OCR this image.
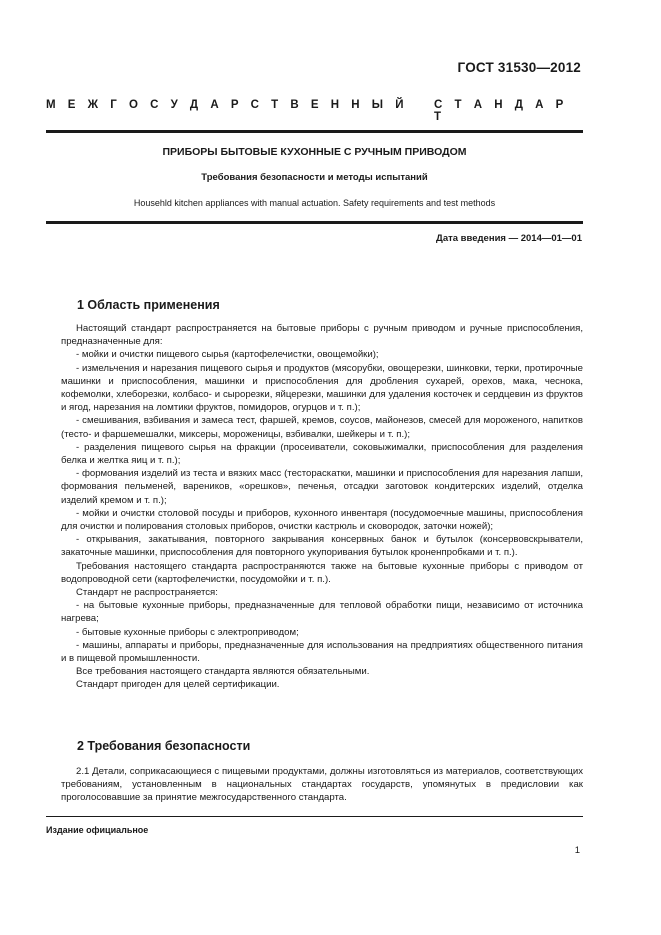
ГОСТ 31530—2012
М Е Ж Г О С У Д А Р С Т В Е Н Н Ы Й	С Т А Н Д А Р Т
ПРИБОРЫ БЫТОВЫЕ КУХОННЫЕ С РУЧНЫМ ПРИВОДОМ
Требования безопасности и методы испытаний
Househld kitchen appliances with manual actuation. Safety requirements and test methods
Дата введения — 2014—01—01
1 Область применения

Настоящий стандарт распространяется на бытовые приборы с ручным приводом и ручные приспособления, предназначенные для:

- мойки и очистки пищевого сырья (картофелечистки, овощемойки);

- измельчения и нарезания пищевого сырья и продуктов (мясорубки, овощерезки, шинковки, терки, протирочные машинки и приспособления, машинки и приспособления для дробления сухарей, орехов, мака, чеснока, кофемолки, хлеборезки, колбасо- и сырорезки, яйцерезки, машинки для удаления косточек и сердцевин из фруктов и ягод, нарезания на ломтики фруктов, помидоров, огурцов и т. п.);

- смешивания, взбивания и замеса тест, фаршей, кремов, соусов, майонезов, смесей для мороженого, напитков (тесто- и фаршемешалки, миксеры, мороженицы, взбивалки, шейкеры и т. п.);

- разделения пищевого сырья на фракции (просеиватели, соковыжималки, приспособления для разделения белка и желтка яиц и т. п.);

- формования изделий из теста и вязких масс (тестораскатки, машинки и приспособления для нарезания лапши, формования пельменей, вареников, «орешков», печенья, отсадки заготовок кондитерских изделий, отделка изделий кремом и т. п.);

- мойки и очистки столовой посуды и приборов, кухонного инвентаря (посудомоечные машины, приспособления для очистки и полирования столовых приборов, очистки кастрюль и сковородок, заточки ножей);

- открывания, закатывания, повторного закрывания консервных банок и бутылок (консервовскрыватели, закаточные машинки, приспособления для повторного укупоривания бутылок кроненпробками и т. п.).

Требования настоящего стандарта распространяются также на бытовые кухонные приборы с приводом от водопроводной сети (картофелечистки, посудомойки и т. п.).

Стандарт не распространяется:

- на бытовые кухонные приборы, предназначенные для тепловой обработки пищи, независимо от источника нагрева;

- бытовые кухонные приборы с электроприводом;

- машины, аппараты и приборы, предназначенные для использования на предприятиях общественного питания и в пищевой промышленности.

Все требования настоящего стандарта являются обязательными.

Стандарт пригоден для целей сертификации.

2 Требования безопасности

2.1 Детали, соприкасающиеся с пищевыми продуктами, должны изготовляться из материалов, соответствующих требованиям, установленным в национальных стандартах государств, упомянутых в предисловии как проголосовавшие за принятие межгосударственного стандарта.

Издание официальное
1
